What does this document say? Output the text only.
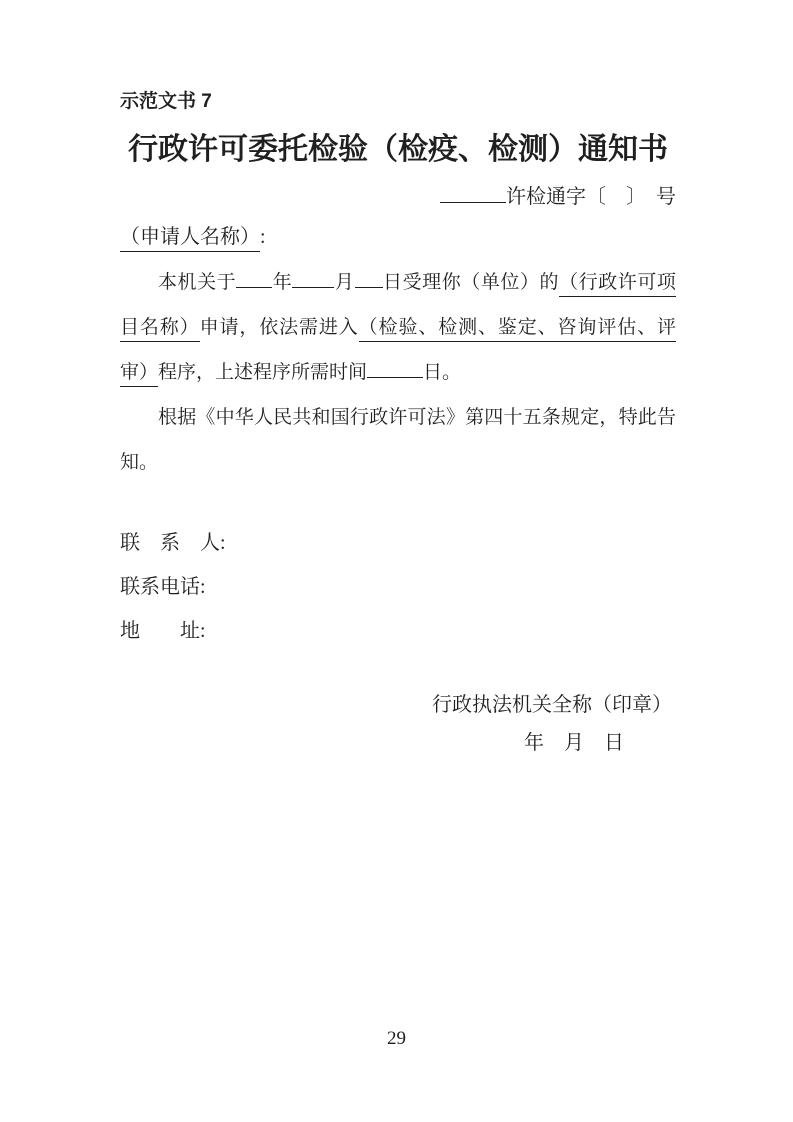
示范文书 7
行政许可委托检验（检疫、检测）通知书
许检通字〔　〕　号
（申请人名称）:
本机关于 年 月 日受理你（单位）的（行政许可项目名称）申请，依法需进入（检验、检测、鉴定、咨询评估、评审）程序，上述程序所需时间	日。
根据《中华人民共和国行政许可法》第四十五条规定，特此告知。
联　系　人:
联系电话:
地　　址:
行政执法机关全称（印章）
年　月　日
29
